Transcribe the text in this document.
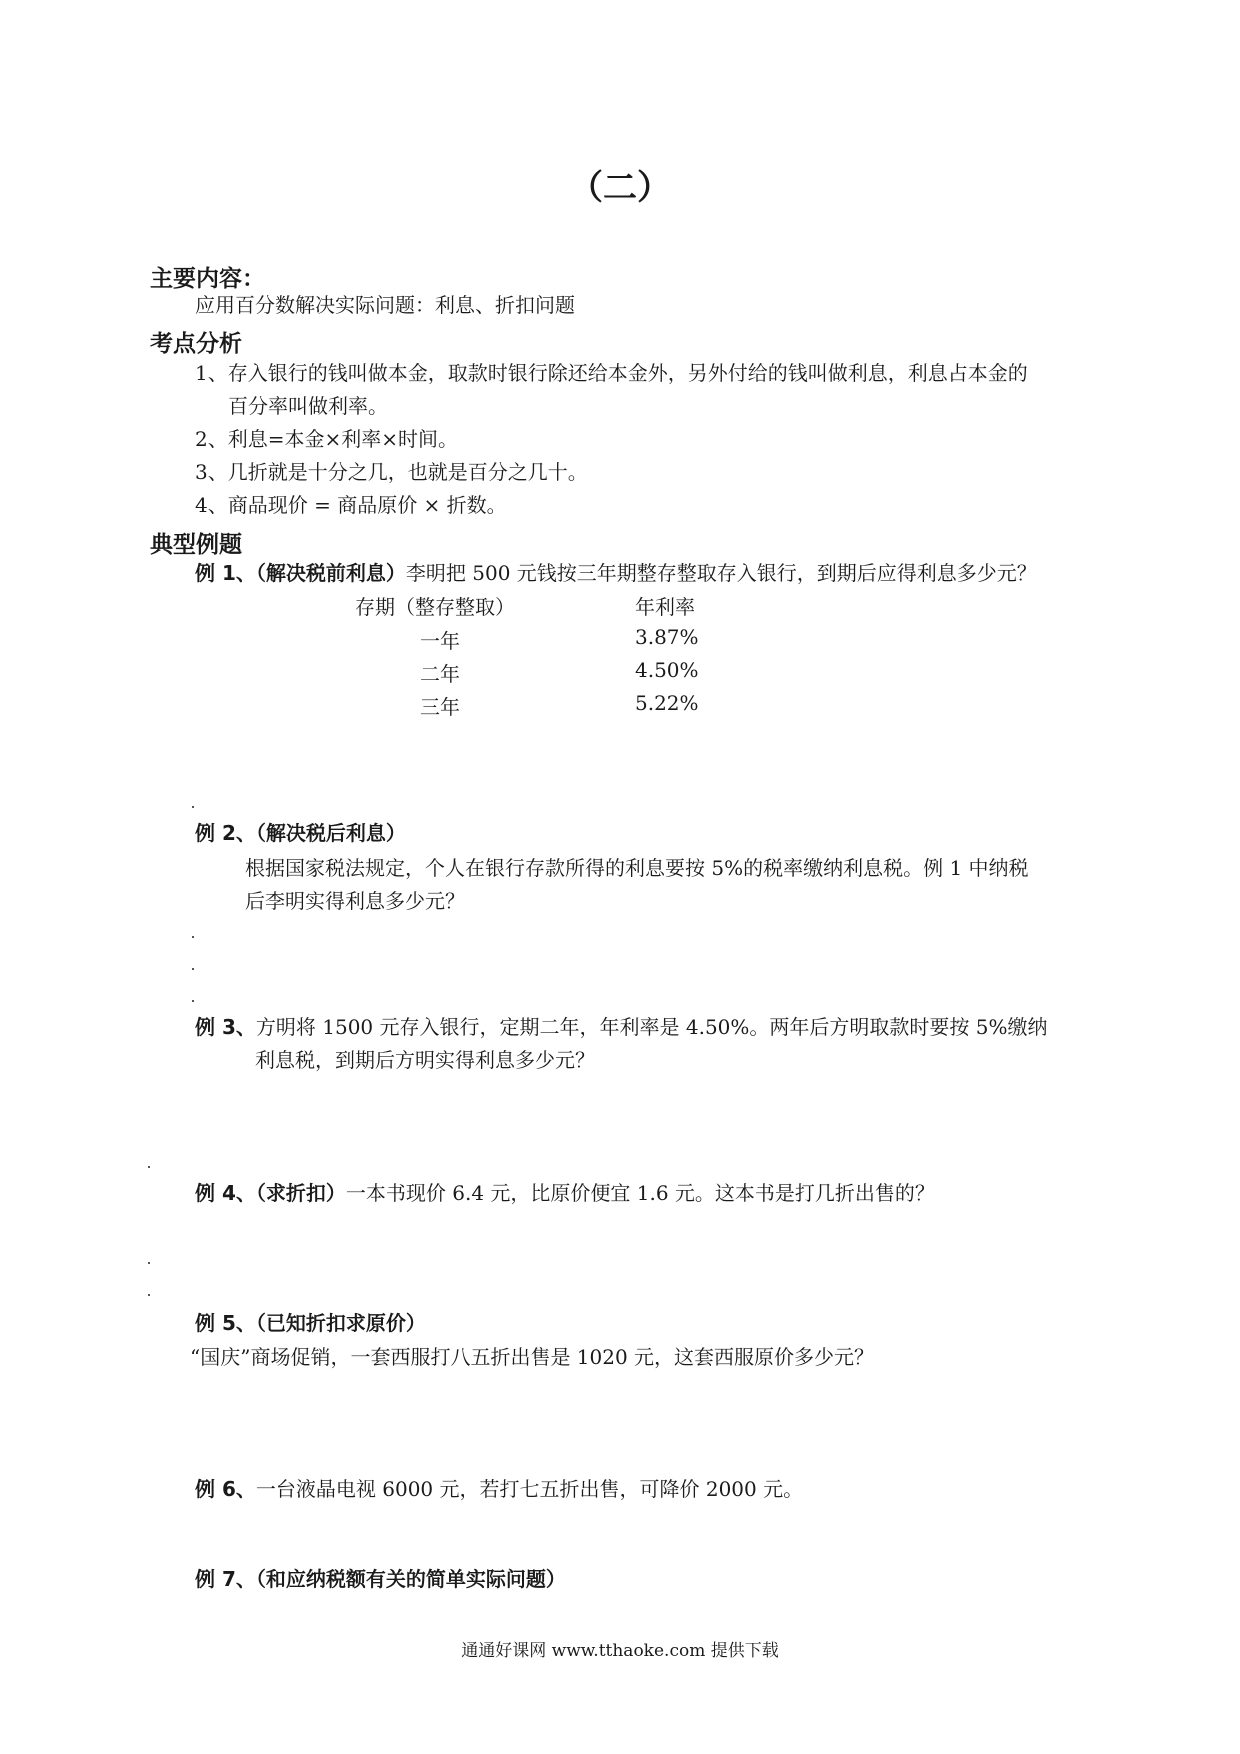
（二）
主要内容：
应用百分数解决实际问题：利息、折扣问题
考点分析
1、存入银行的钱叫做本金，取款时银行除还给本金外，另外付给的钱叫做利息，利息占本金的
百分率叫做利率。
2、利息=本金×利率×时间。
3、几折就是十分之几，也就是百分之几十。
4、商品现价 = 商品原价 × 折数。
典型例题
例 1、（解决税前利息）李明把 500 元钱按三年期整存整取存入银行，到期后应得利息多少元？
存期（整存整取）	年利率
一年	3.87%
二年	4.50%
三年	5.22%
例 2、（解决税后利息）
根据国家税法规定，个人在银行存款所得的利息要按 5%的税率缴纳利息税。例 1 中纳税
后李明实得利息多少元？
例 3、方明将 1500 元存入银行，定期二年，年利率是 4.50%。两年后方明取款时要按 5%缴纳
利息税，到期后方明实得利息多少元？
例 4、（求折扣）一本书现价 6.4 元，比原价便宜 1.6 元。这本书是打几折出售的？
例 5、（已知折扣求原价）
“国庆”商场促销，一套西服打八五折出售是 1020 元，这套西服原价多少元？
例 6、一台液晶电视 6000 元，若打七五折出售，可降价 2000 元。
例 7、（和应纳税额有关的简单实际问题）
通通好课网 www.tthaoke.com 提供下载
